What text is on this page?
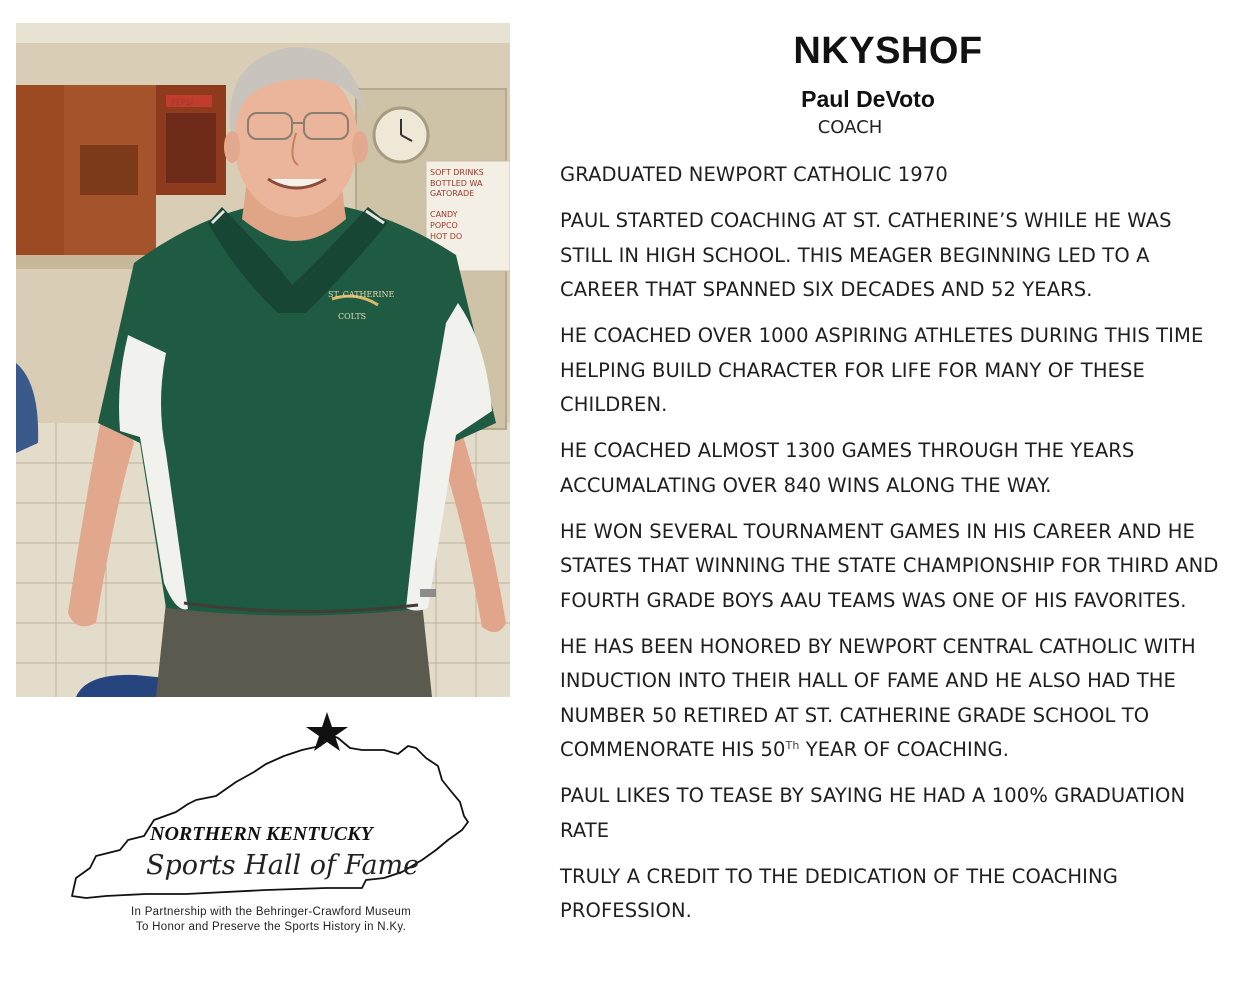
PEPSI
SOFT DRINKS
BOTTLED WA
GATORADE
CANDY
POPCO
HOT DO
ST. CATHERINE
COLTS
NORTHERN KENTUCKY
Sports Hall of Fame
In Partnership with the Behringer-Crawford Museum
To Honor and Preserve the Sports History in N.Ky.
NKYSHOF
Paul DeVoto
COACH

GRADUATED NEWPORT CATHOLIC 1970

PAUL STARTED COACHING AT ST. CATHERINE’S WHILE HE WAS STILL IN HIGH SCHOOL. THIS MEAGER BEGINNING LED TO A CAREER THAT SPANNED SIX DECADES AND 52 YEARS.

HE COACHED OVER 1000 ASPIRING ATHLETES DURING THIS TIME HELPING BUILD CHARACTER FOR LIFE FOR MANY OF THESE CHILDREN.

HE COACHED ALMOST 1300 GAMES THROUGH THE YEARS ACCUMALATING OVER 840 WINS ALONG THE WAY.

HE WON SEVERAL TOURNAMENT GAMES IN HIS CAREER AND HE STATES THAT WINNING THE STATE CHAMPIONSHIP FOR THIRD AND FOURTH GRADE BOYS AAU TEAMS WAS ONE OF HIS FAVORITES.

HE HAS BEEN HONORED BY NEWPORT CENTRAL CATHOLIC WITH INDUCTION INTO THEIR HALL OF FAME AND HE ALSO HAD THE NUMBER 50 RETIRED AT ST. CATHERINE GRADE SCHOOL TO COMMENORATE HIS 50Th YEAR OF COACHING.

PAUL LIKES TO TEASE BY SAYING HE HAD A 100% GRADUATION RATE

TRULY A CREDIT TO THE DEDICATION OF THE COACHING PROFESSION.
